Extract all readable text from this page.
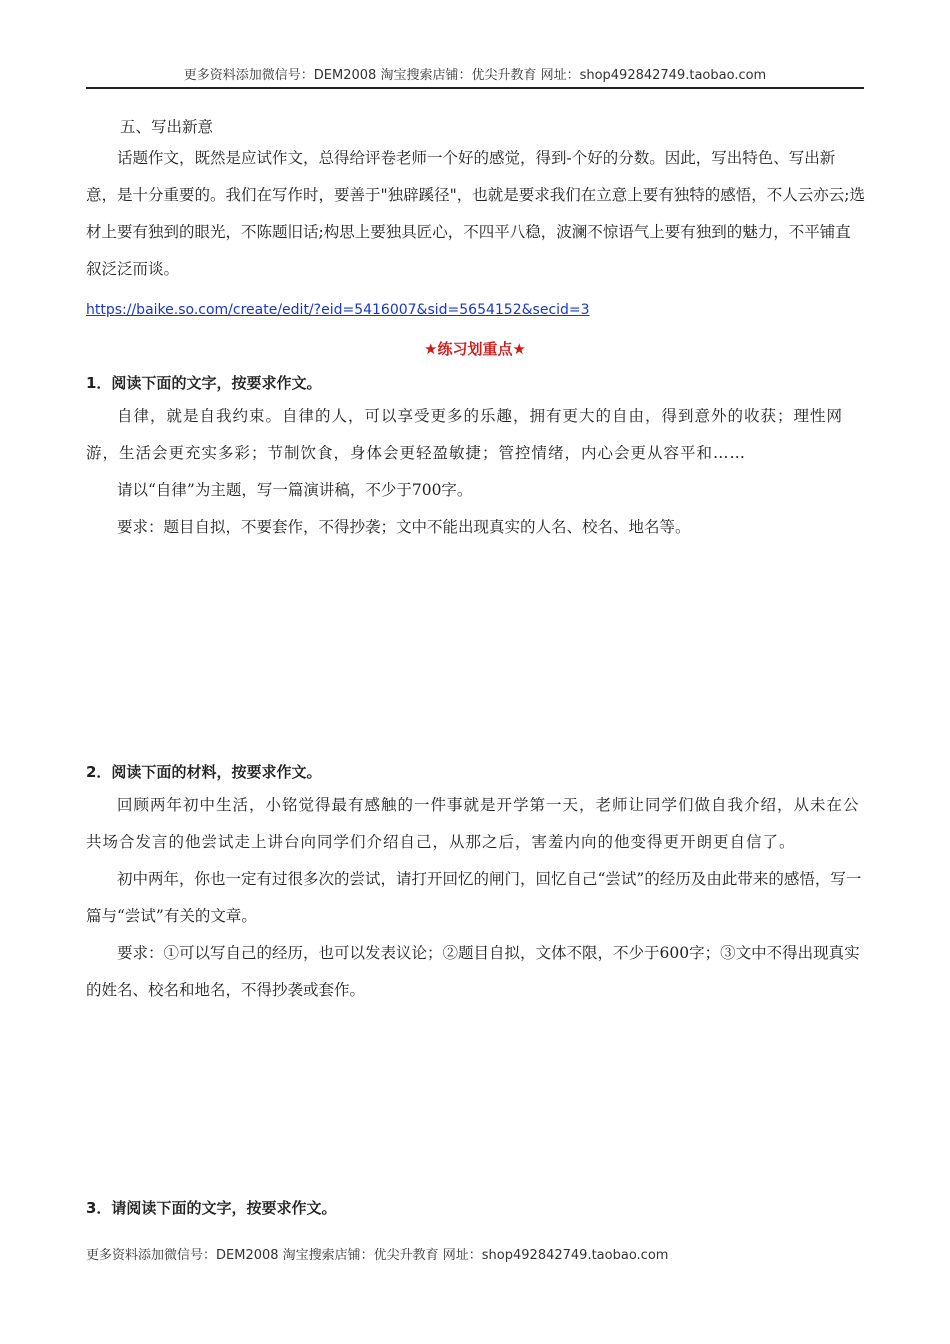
更多资料添加微信号：DEM2008 淘宝搜索店铺：优尖升教育 网址：shop492842749.taobao.com
五、写出新意

话题作文，既然是应试作文，总得给评卷老师一个好的感觉，得到-个好的分数。因此，写出特色、写出新意，是十分重要的。我们在写作时，要善于"独辟蹊径"，也就是要求我们在立意上要有独特的感悟，不人云亦云;选材上要有独到的眼光，不陈题旧话;构思上要独具匠心，不四平八稳，波澜不惊语气上要有独到的魅力，不平铺直叙泛泛而谈。

https://baike.so.com/create/edit/?eid=5416007&sid=5654152&secid=3
★练习划重点★
1．阅读下面的文字，按要求作文。

自律，就是自我约束。自律的人，可以享受更多的乐趣，拥有更大的自由，得到意外的收获；理性网游，生活会更充实多彩；节制饮食，身体会更轻盈敏捷；管控情绪，内心会更从容平和……

请以“自律”为主题，写一篇演讲稿，不少于700字。

要求：题目自拟，不要套作，不得抄袭；文中不能出现真实的人名、校名、地名等。

2．阅读下面的材料，按要求作文。

回顾两年初中生活，小铭觉得最有感触的一件事就是开学第一天，老师让同学们做自我介绍，从未在公共场合发言的他尝试走上讲台向同学们介绍自己，从那之后，害羞内向的他变得更开朗更自信了。

初中两年，你也一定有过很多次的尝试，请打开回忆的闸门，回忆自己“尝试”的经历及由此带来的感悟，写一篇与“尝试”有关的文章。

要求：①可以写自己的经历，也可以发表议论；②题目自拟，文体不限，不少于600字；③文中不得出现真实的姓名、校名和地名，不得抄袭或套作。

3．请阅读下面的文字，按要求作文。
更多资料添加微信号：DEM2008 淘宝搜索店铺：优尖升教育 网址：shop492842749.taobao.com
